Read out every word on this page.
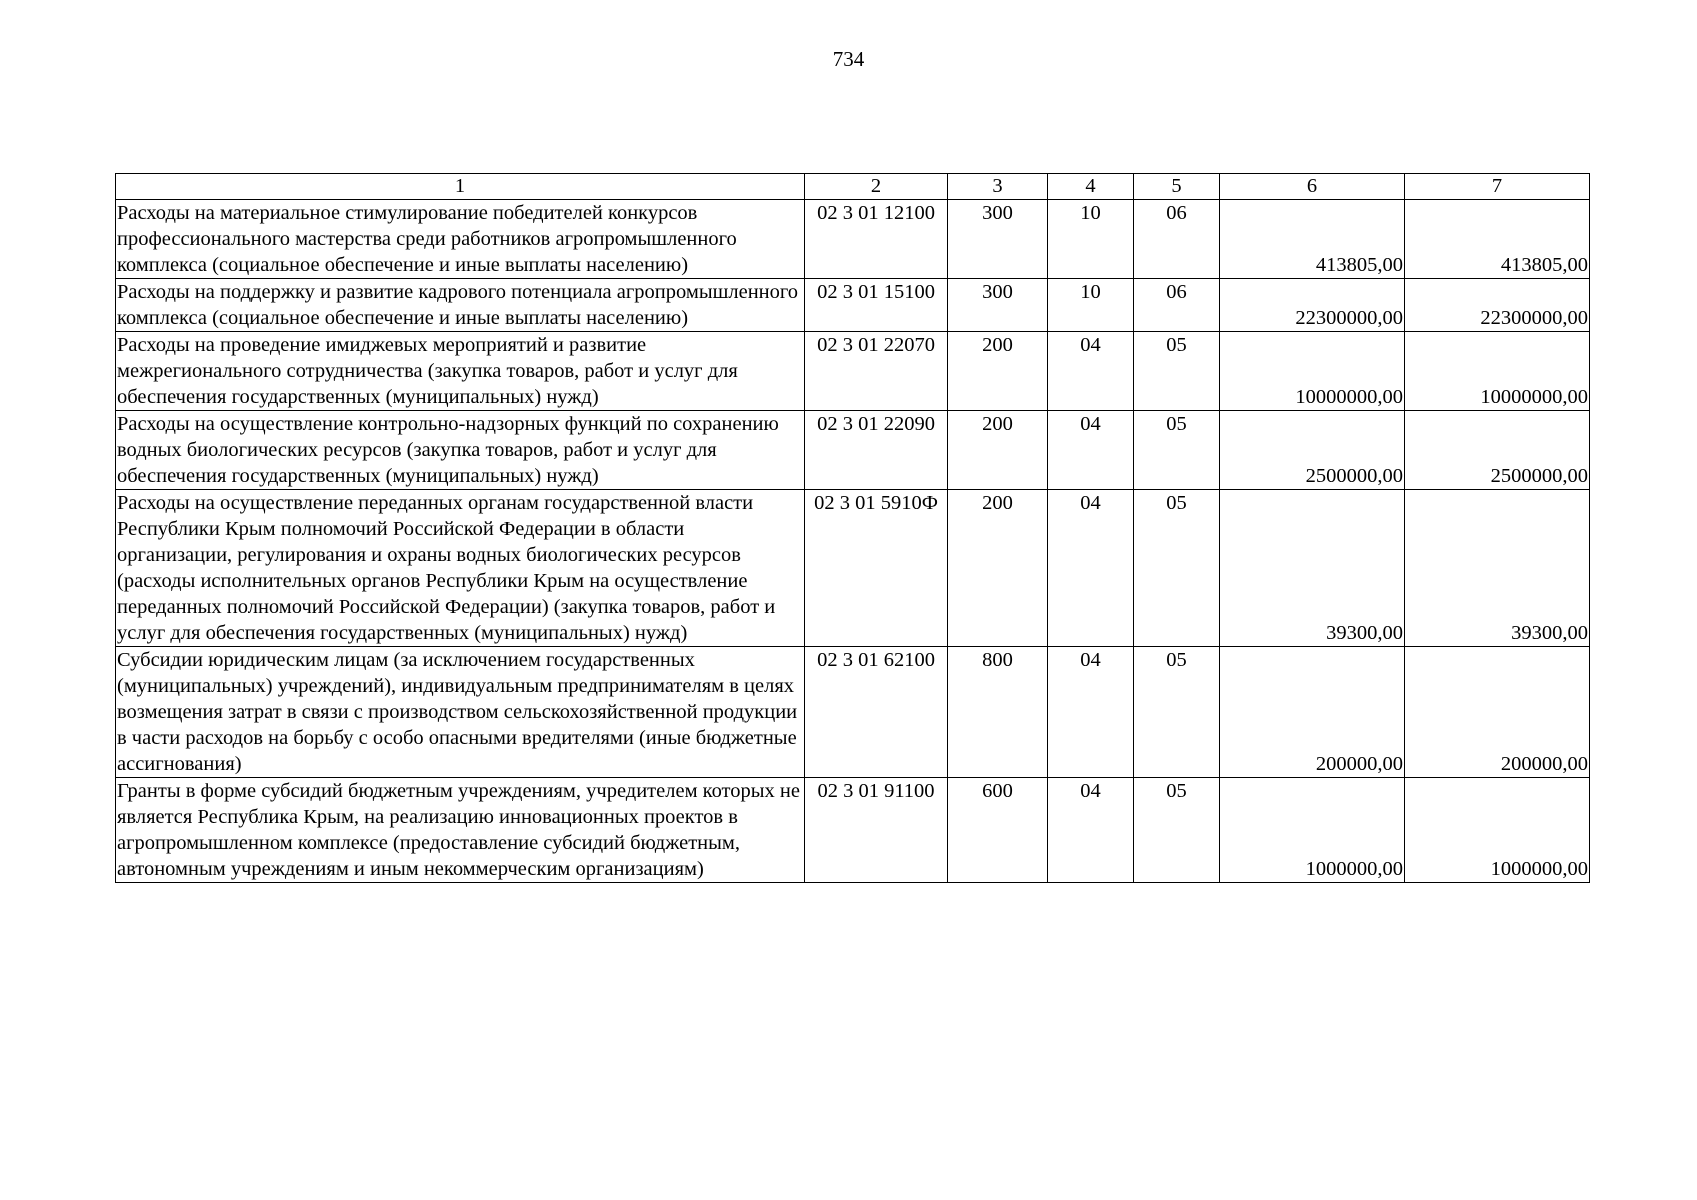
734
1	2	3	4	5	6	7
Расходы на материальное стимулирование победителей конкурсов профессионального мастерства среди работников агропромышленного комплекса (социальное обеспечение и иные выплаты населению)	02 3 01 12100	300	10	06	413805,00	413805,00
Расходы на поддержку и развитие кадрового потенциала агропромышленного комплекса (социальное обеспечение и иные выплаты населению)	02 3 01 15100	300	10	06	22300000,00	22300000,00
Расходы на проведение имиджевых мероприятий и развитие межрегионального сотрудничества (закупка товаров, работ и услуг для обеспечения государственных (муниципальных) нужд)	02 3 01 22070	200	04	05	10000000,00	10000000,00
Расходы на осуществление контрольно-надзорных функций по сохранению водных биологических ресурсов (закупка товаров, работ и услуг для обеспечения государственных (муниципальных) нужд)	02 3 01 22090	200	04	05	2500000,00	2500000,00
Расходы на осуществление переданных органам государственной власти Республики Крым полномочий Российской Федерации в области организации, регулирования и охраны водных биологических ресурсов (расходы исполнительных органов Республики Крым на осуществление переданных полномочий Российской Федерации) (закупка товаров, работ и услуг для обеспечения государственных (муниципальных) нужд)	02 3 01 5910Ф	200	04	05	39300,00	39300,00
Субсидии юридическим лицам (за исключением государственных (муниципальных) учреждений), индивидуальным предпринимателям в целях возмещения затрат в связи с производством сельскохозяйственной продукции в части расходов на борьбу с особо опасными вредителями (иные бюджетные ассигнования)	02 3 01 62100	800	04	05	200000,00	200000,00
Гранты в форме субсидий бюджетным учреждениям, учредителем которых не является Республика Крым, на реализацию инновационных проектов в агропромышленном комплексе (предоставление субсидий бюджетным, автономным учреждениям и иным некоммерческим организациям)	02 3 01 91100	600	04	05	1000000,00	1000000,00
